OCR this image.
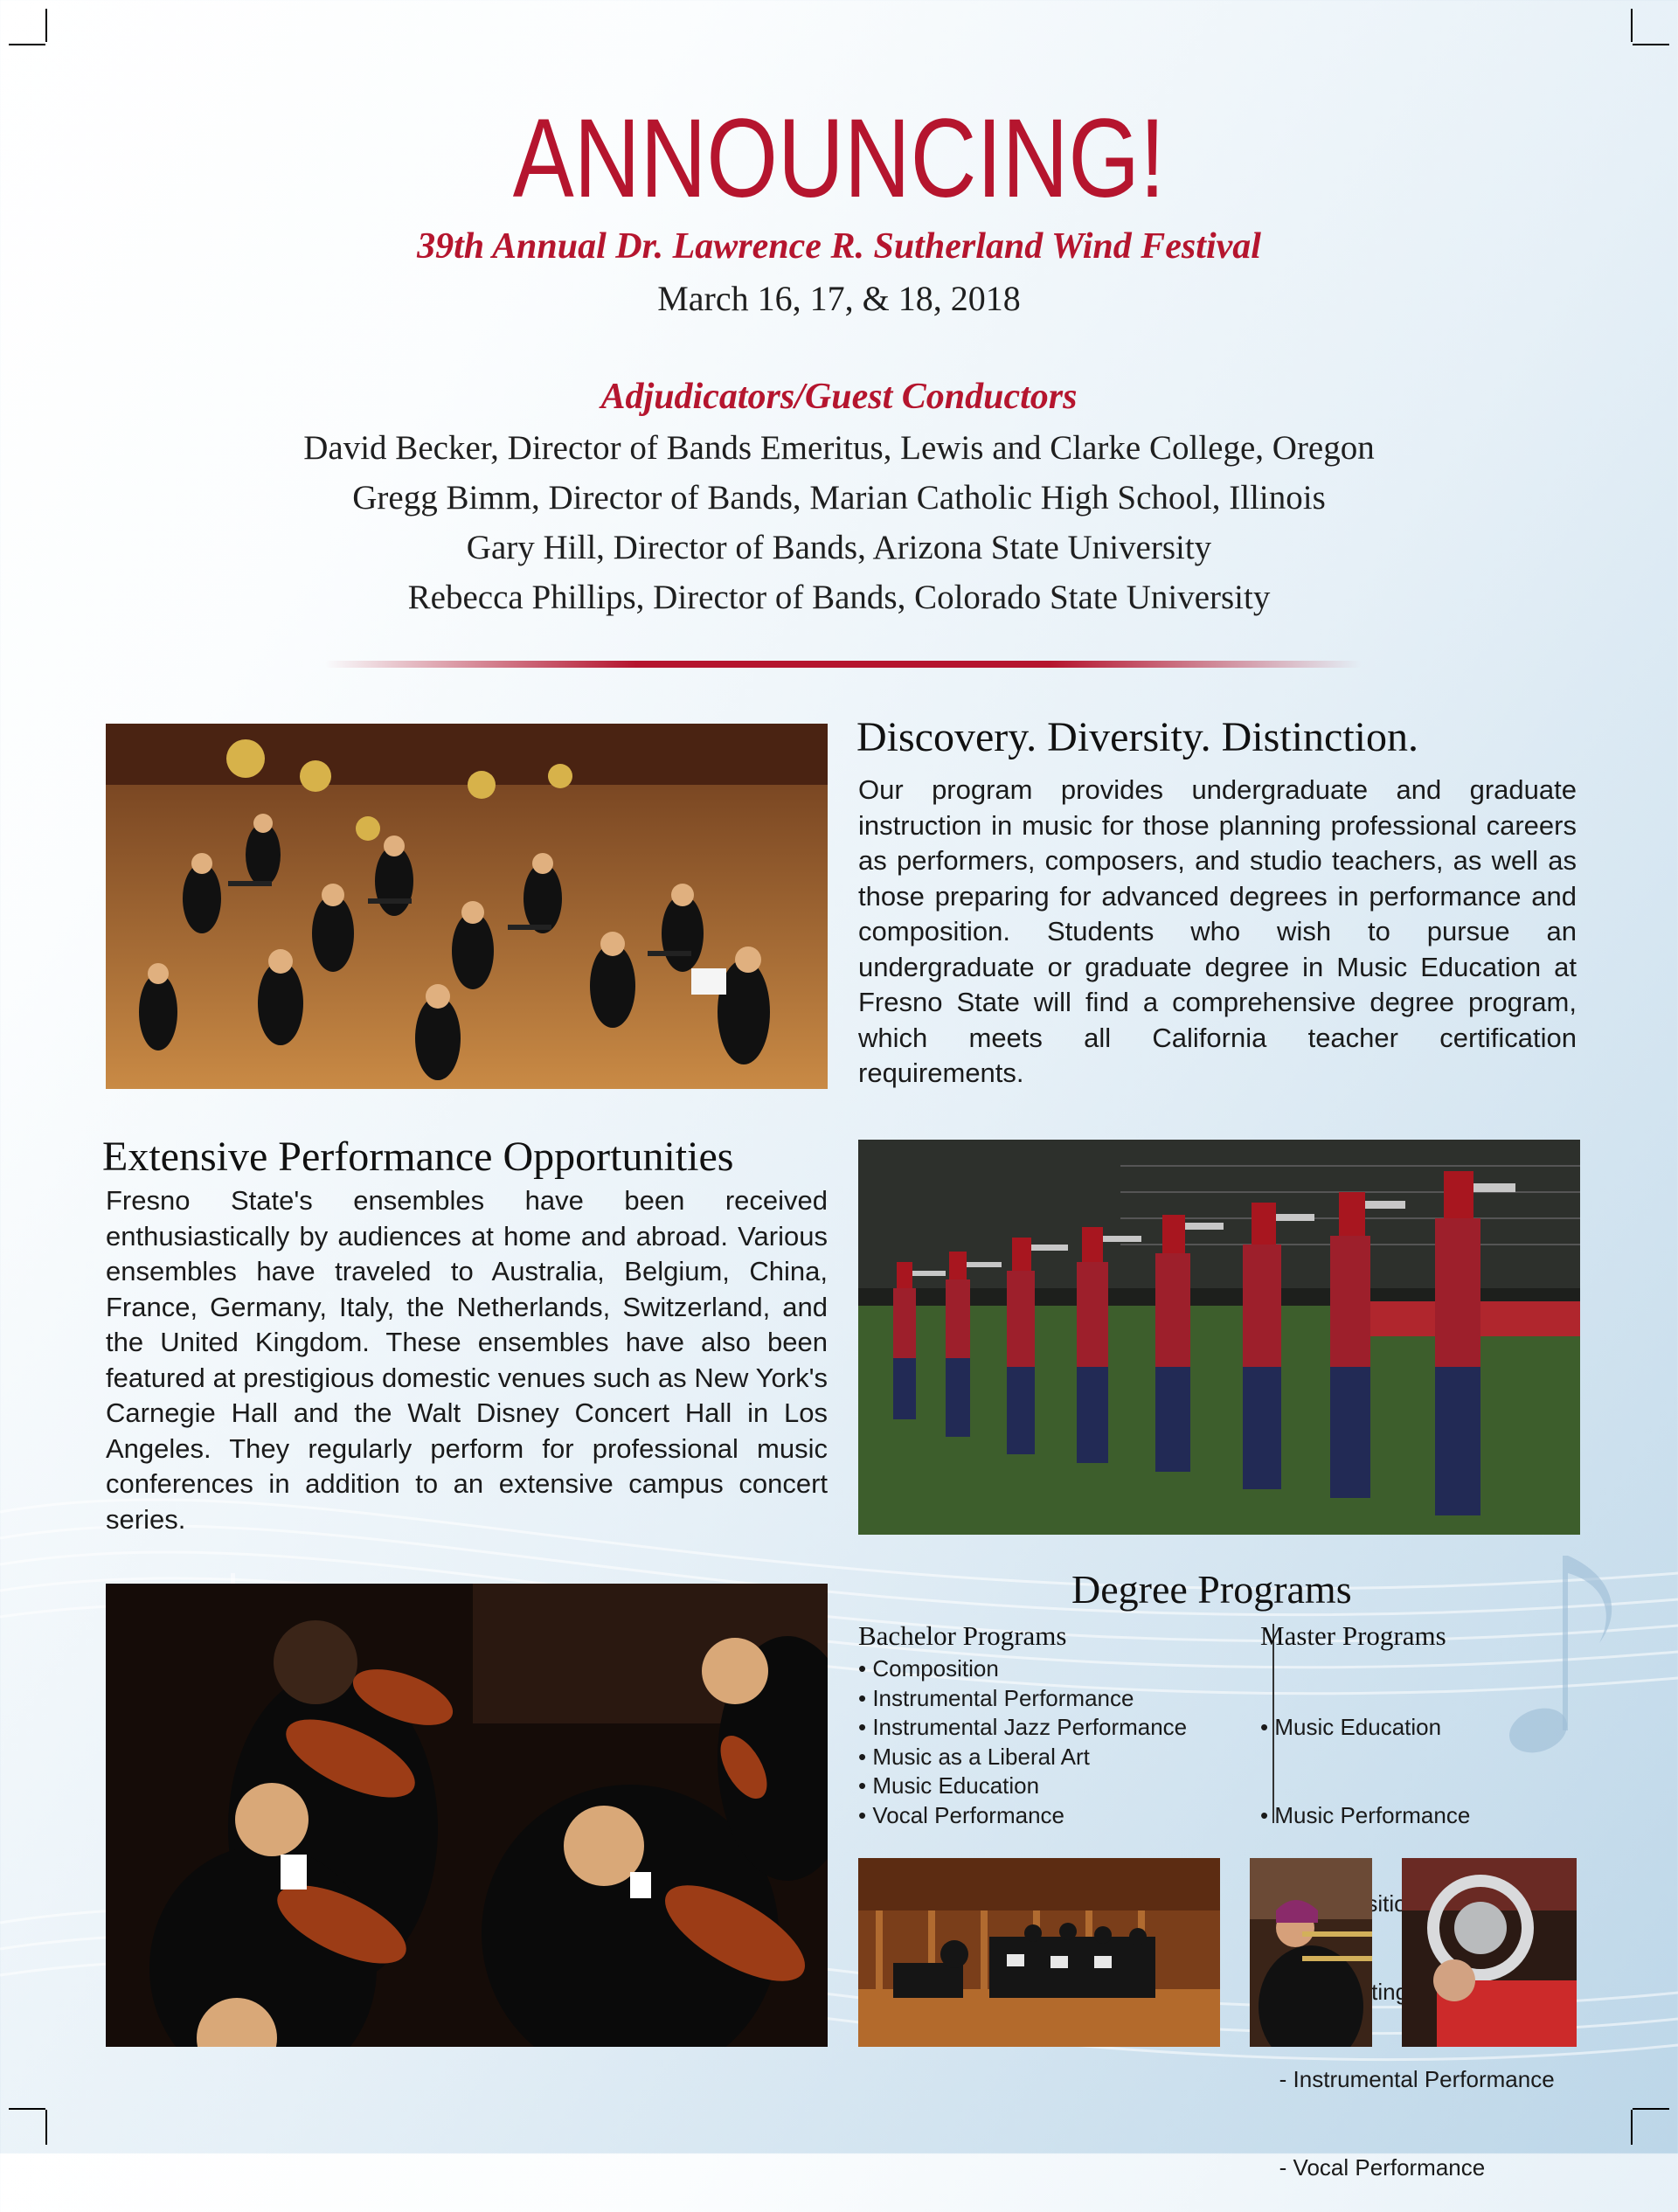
ANNOUNCING!
39th Annual Dr. Lawrence R. Sutherland Wind Festival
March 16, 17, & 18, 2018
Adjudicators/Guest Conductors
David Becker, Director of Bands Emeritus, Lewis and Clarke College, Oregon
Gregg Bimm, Director of Bands, Marian Catholic High School, Illinois
Gary Hill, Director of Bands, Arizona State University
Rebecca Phillips, Director of Bands, Colorado State University
Discovery. Diversity. Distinction.
Our program provides undergraduate and graduate instruction in music for those planning professional careers as performers, composers, and studio teachers, as well as those preparing for advanced degrees in performance and composition. Students who wish to pursue an undergraduate or graduate degree in Music Education at Fresno State will find a comprehensive degree program, which meets all California teacher certification requirements.
Extensive Performance Opportunities
Fresno State's ensembles have been received enthusiastically by audiences at home and abroad. Various ensembles have traveled to Australia, Belgium, China, France, Germany, Italy, the Netherlands, Switzerland, and the United Kingdom. These ensembles have also been featured at prestigious domestic venues such as New York's Carnegie Hall and the Walt Disney Concert Hall in Los Angeles. They regularly perform for professional music conferences in addition to an extensive campus concert series.
Degree Programs
Bachelor Programs
• Composition
• Instrumental Performance
• Instrumental Jazz Performance
• Music as a Liberal Art
• Music Education
• Vocal Performance
Master Programs

• Music Education

• Music Performance

- Instrumental Performance

- Vocal Performance
